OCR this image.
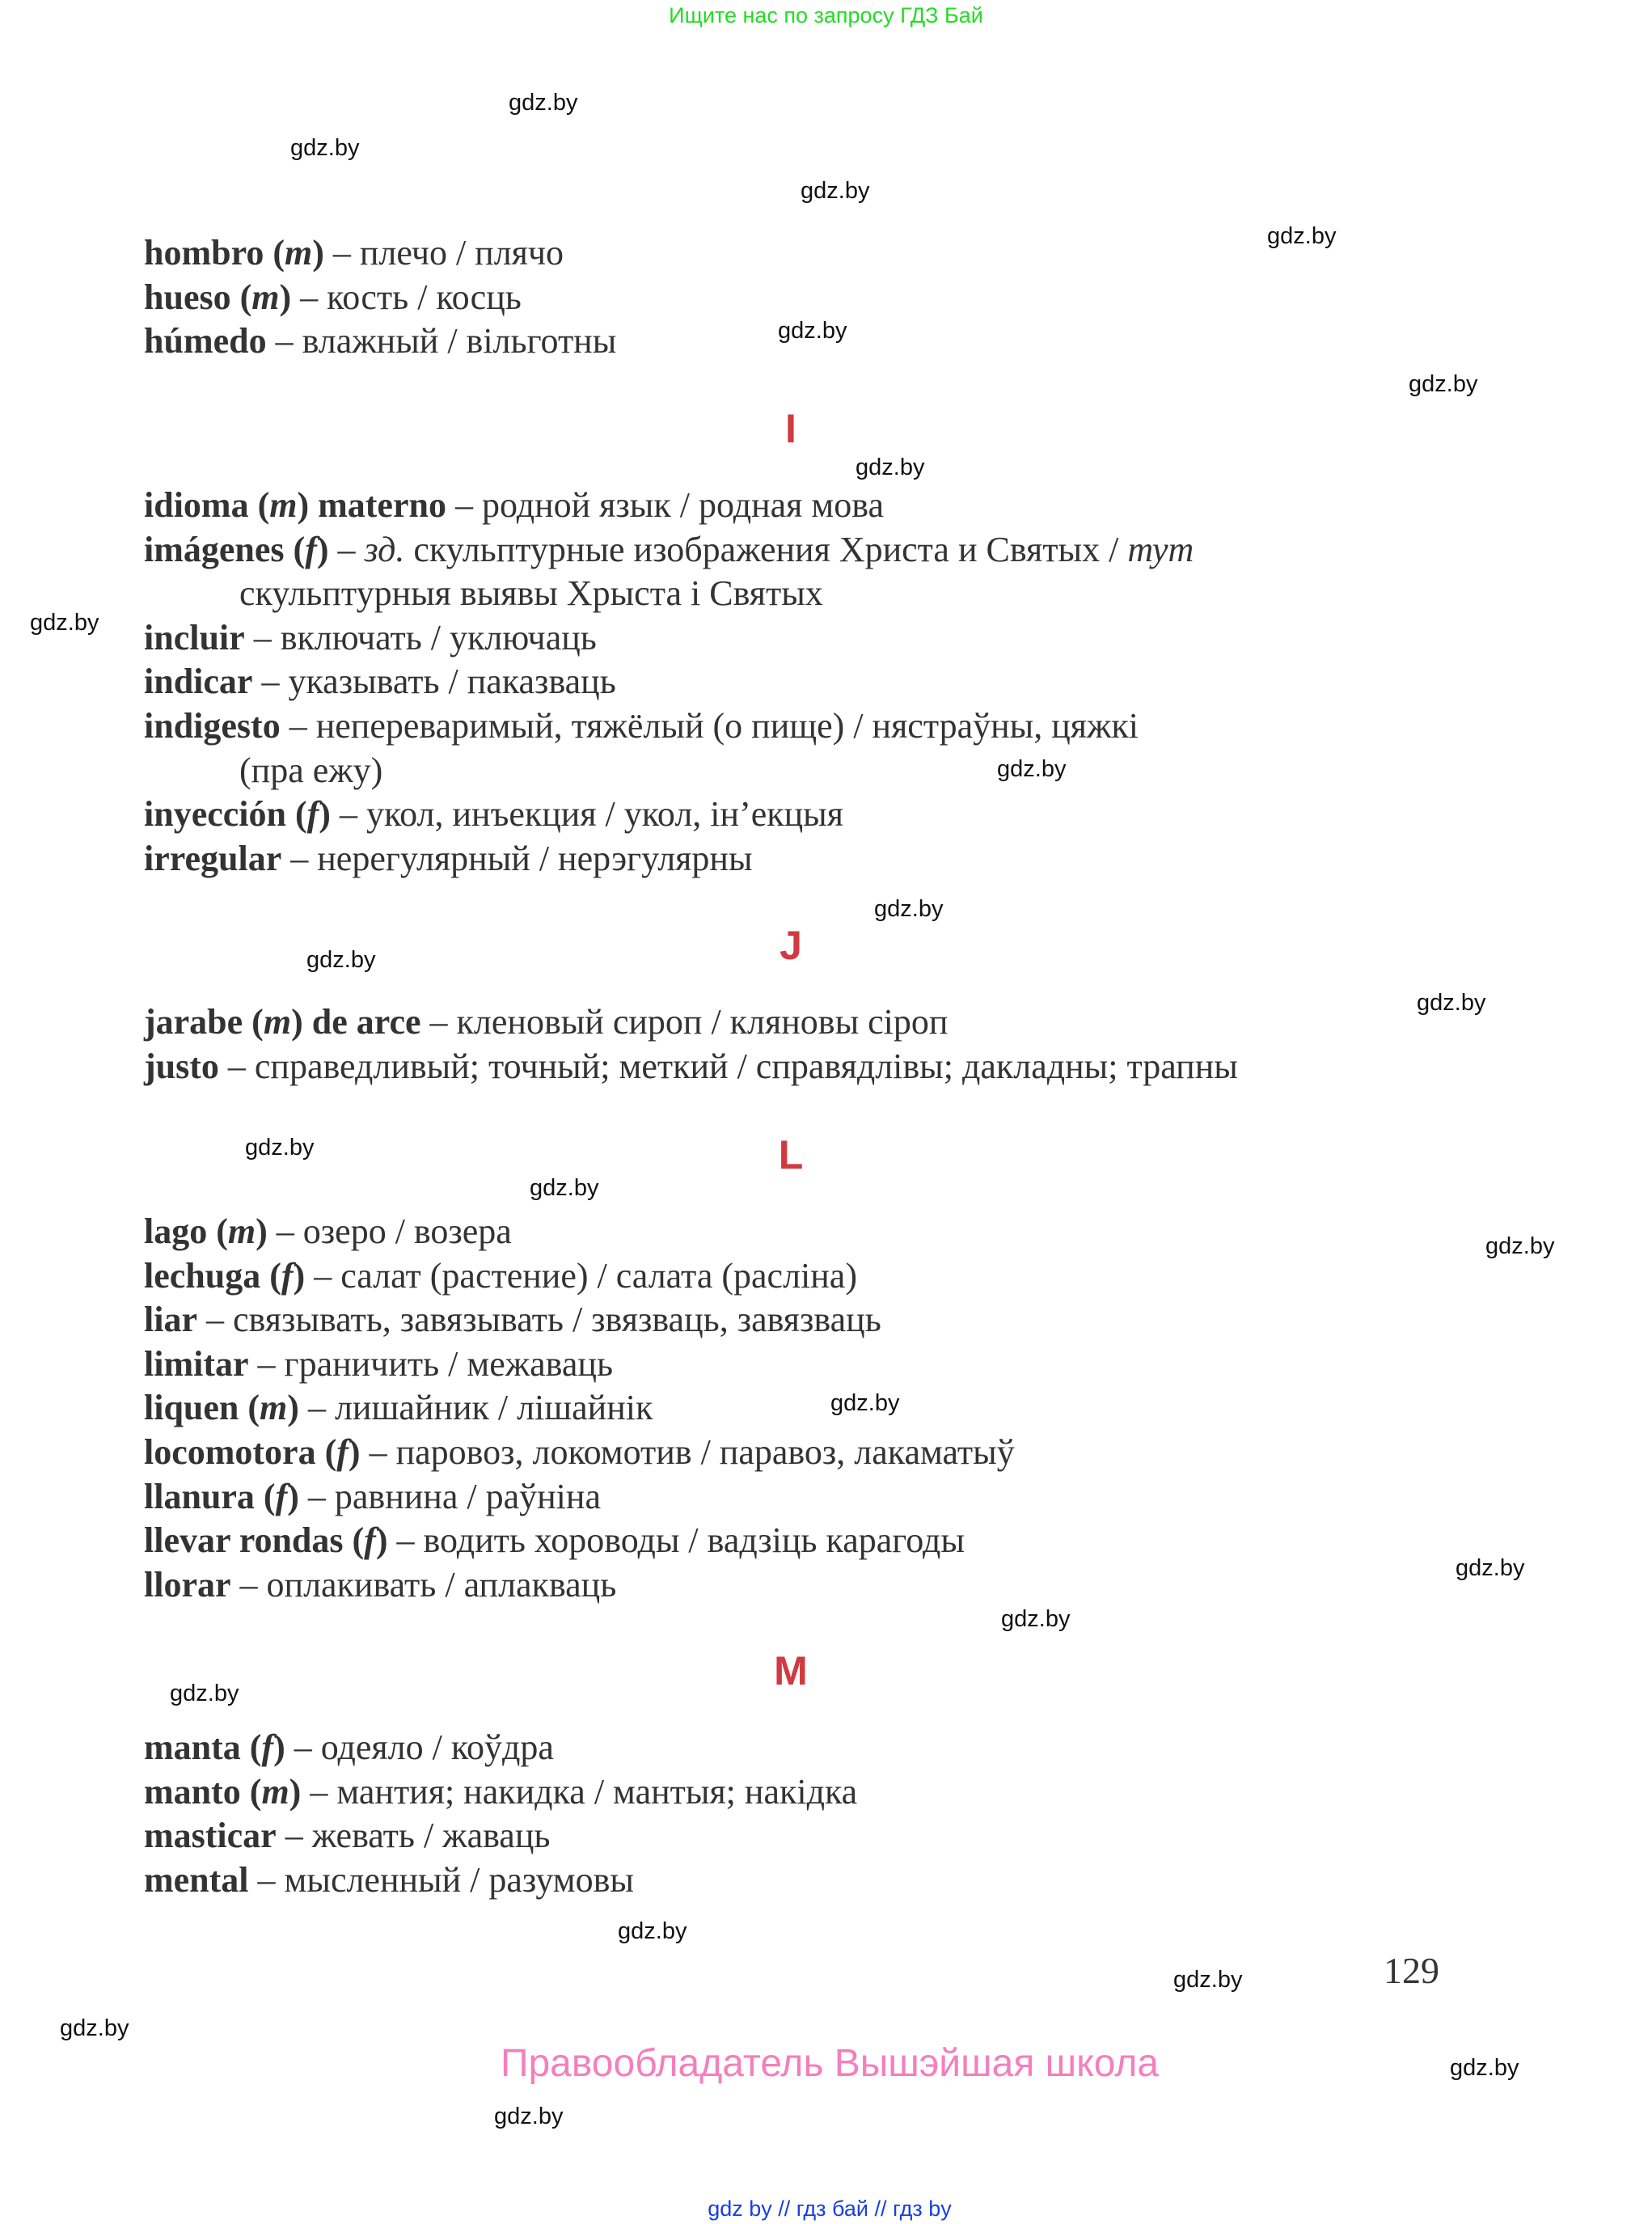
Ищите нас по запросу ГДЗ Бай
hombro (m) – плечо / плячо
hueso (m) – кость / косць
húmedo – влажный / вільготны
I
idioma (m) materno – родной язык / родная мова
imágenes (f) – зд. скульптурные изображения Христа и Святых / тут
скульптурныя выявы Хрыста і Святых
incluir – включать / уключаць
indicar – указывать / паказваць
indigesto – непереваримый, тяжёлый (о пище) / нястраўны, цяжкі
(пра ежу)
inyección (f) – укол, инъекция / укол, ін’екцыя
irregular – нерегулярный / нерэгулярны
J
jarabe (m) de arce – кленовый сироп / кляновы сіроп
justo – справедливый; точный; меткий / справядлівы; дакладны; трапны
L
lago (m) – озеро / возера
lechuga (f) – салат (растение) / салата (расліна)
liar – связывать, завязывать / звязваць, завязваць
limitar – граничить / межаваць
liquen (m) – лишайник / лішайнік
locomotora (f) – паровоз, локомотив / паравоз, лакаматыў
llanura (f) – равнина / раўніна
llevar rondas (f) – водить хороводы / вадзіць карагоды
llorar – оплакивать / аплакваць
M
manta (f) – одеяло / коўдра
manto (m) – мантия; накидка / мантыя; накідка
masticar – жевать / жаваць
mental – мысленный / разумовы
129
Правообладатель Вышэйшая школа
gdz by // гдз бай // гдз by
gdz.by
gdz.by
gdz.by
gdz.by
gdz.by
gdz.by
gdz.by
gdz.by
gdz.by
gdz.by
gdz.by
gdz.by
gdz.by
gdz.by
gdz.by
gdz.by
gdz.by
gdz.by
gdz.by
gdz.by
gdz.by
gdz.by
gdz.by
gdz.by
